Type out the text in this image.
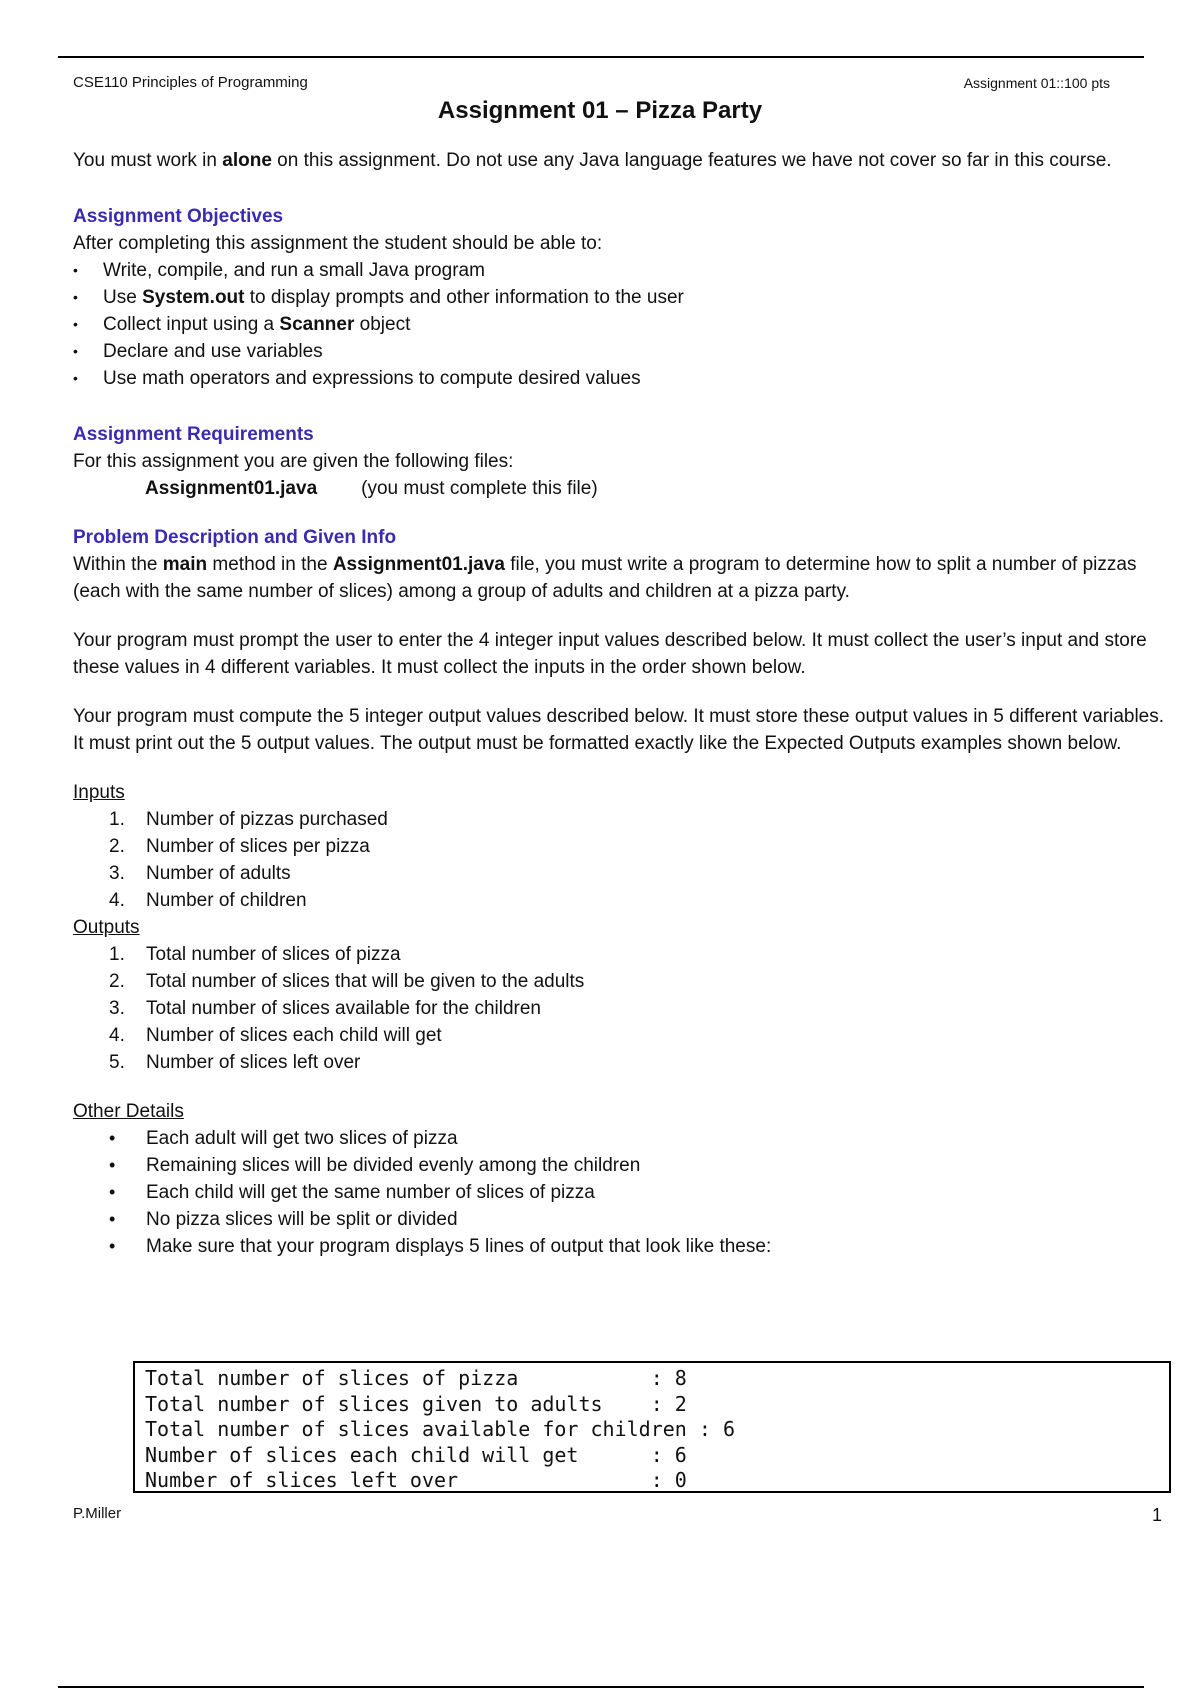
CSE110 Principles of Programming	Assignment 01::100 pts
Assignment 01 – Pizza Party

You must work in alone on this assignment. Do not use any Java language features we have not cover so far in this course.

Assignment Objectives

After completing this assignment the student should be able to:

• Write, compile, and run a small Java program
• Use System.out to display prompts and other information to the user
• Collect input using a Scanner object
• Declare and use variables
• Use math operators and expressions to compute desired values

Assignment Requirements

For this assignment you are given the following files:

Assignment01.java (you must complete this file)

Problem Description and Given Info

Within the main method in the Assignment01.java file, you must write a program to determine how to split a number of pizzas (each with the same number of slices) among a group of adults and children at a pizza party.

Your program must prompt the user to enter the 4 integer input values described below. It must collect the user’s input and store these values in 4 different variables. It must collect the inputs in the order shown below.

Your program must compute the 5 integer output values described below. It must store these output values in 5 different variables. It must print out the 5 output values. The output must be formatted exactly like the Expected Outputs examples shown below.

Inputs

1.	Number of pizzas purchased
2.	Number of slices per pizza
3.	Number of adults
4.	Number of children

Outputs

1.	Total number of slices of pizza
2.	Total number of slices that will be given to the adults
3.	Total number of slices available for the children
4.	Number of slices each child will get
5.	Number of slices left over

Other Details

• Each adult will get two slices of pizza
• Remaining slices will be divided evenly among the children
• Each child will get the same number of slices of pizza
• No pizza slices will be split or divided
• Make sure that your program displays 5 lines of output that look like these:
Total number of slices of pizza           : 8
Total number of slices given to adults    : 2
Total number of slices available for children : 6
Number of slices each child will get      : 6
Number of slices left over                : 0
P.Miller	1
